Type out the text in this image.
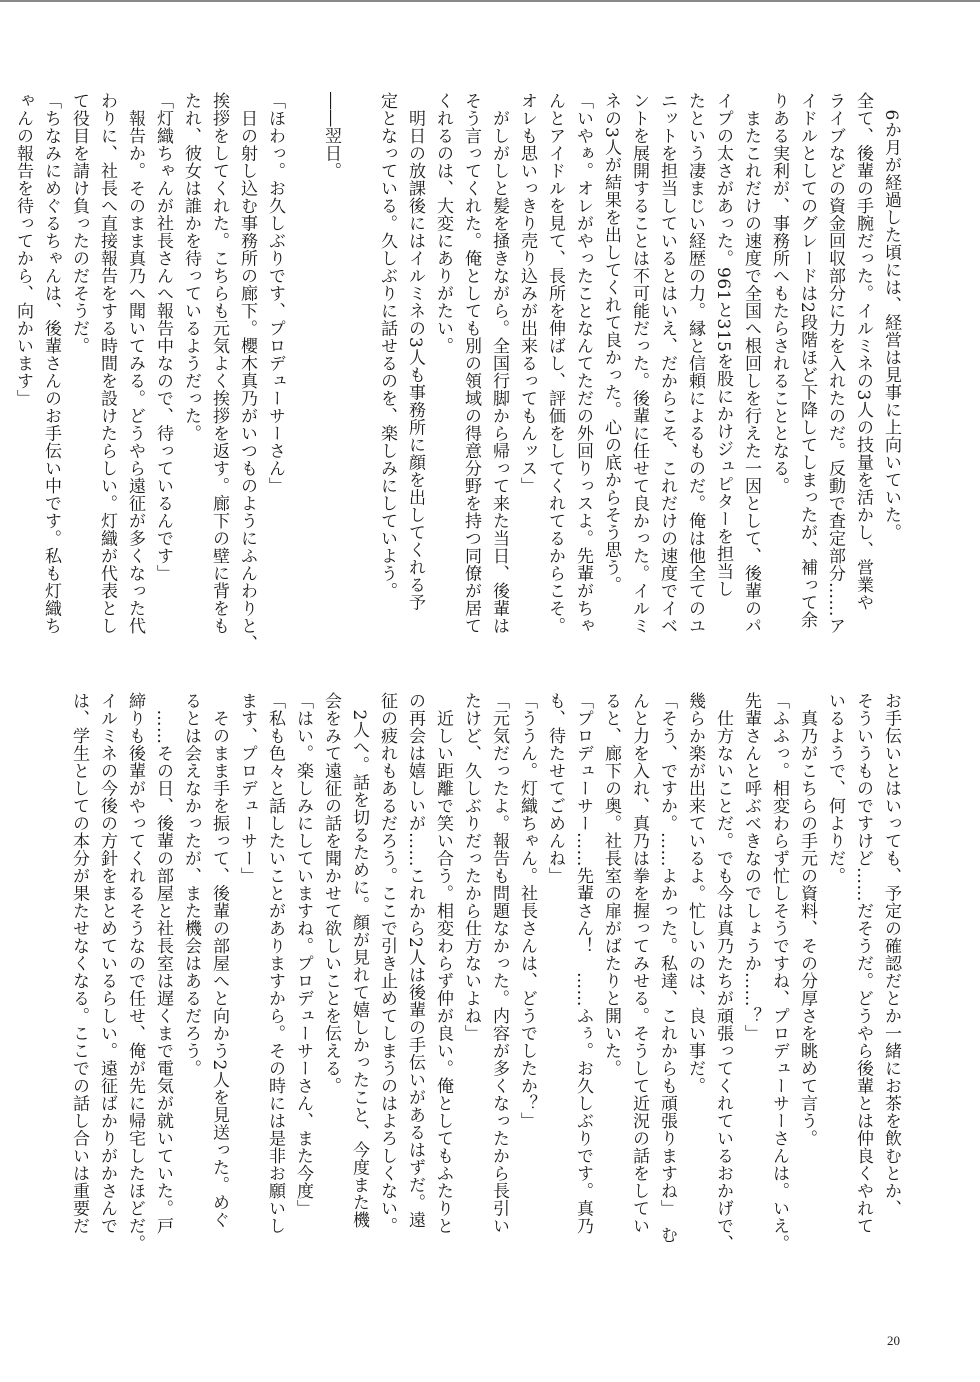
　6か月が経過した頃には、経営は見事に上向いていた。
全て、後輩の手腕だった。イルミネの3人の技量を活かし、営業や
ライブなどの資金回収部分に力を入れたのだ。反動で査定部分……ア
イドルとしてのグレードは2段階ほど下降してしまったが、補って余
りある実利が、事務所へもたらされることとなる。
　またこれだけの速度で全国へ根回しを行えた一因として、後輩のパ
イプの太さがあった。961と315を股にかけジュピターを担当し
たという凄まじい経歴の力。縁と信頼によるものだ。俺は他全てのユ
ニットを担当しているとはいえ、だからこそ、これだけの速度でイベ
ントを展開することは不可能だった。後輩に任せて良かった。イルミ
ネの3人が結果を出してくれて良かった。心の底からそう思う。
「いやぁ。オレがやったことなんてただの外回りっスよ。先輩がちゃ
んとアイドルを見て、長所を伸ばし、評価をしてくれてるからこそ。
オレも思いっきり売り込みが出来るってもんッス」
　がしがしと髪を掻きながら。全国行脚から帰って来た当日、後輩は
そう言ってくれた。俺としても別の領域の得意分野を持つ同僚が居て
くれるのは、大変にありがたい。
　明日の放課後にはイルミネの3人も事務所に顔を出してくれる予
定となっている。久しぶりに話せるのを、楽しみにしていよう。

――翌日。

「ほわっ。お久しぶりです、プロデューサーさん」
　日の射し込む事務所の廊下。櫻木真乃がいつものようにふんわりと、
挨拶をしてくれた。こちらも元気よく挨拶を返す。廊下の壁に背をも
たれ、彼女は誰かを待っているようだった。
「灯織ちゃんが社長さんへ報告中なので、待っているんです」
　報告か。そのまま真乃へ聞いてみる。どうやら遠征が多くなった代
わりに、社長へ直接報告をする時間を設けたらしい。灯織が代表とし
て役目を請け負ったのだそうだ。
「ちなみにめぐるちゃんは、後輩さんのお手伝い中です。私も灯織ち
ゃんの報告を待ってから、向かいます」
お手伝いとはいっても、予定の確認だとか一緒にお茶を飲むとか、
そういうものですけど……だそうだ。どうやら後輩とは仲良くやれて
いるようで、何よりだ。
　真乃がこちらの手元の資料、その分厚さを眺めて言う。
「ふふっ。相変わらず忙しそうですね、プロデューサーさんは。いえ。
先輩さんと呼ぶべきなのでしょうか……？」
　仕方ないことだ。でも今は真乃たちが頑張ってくれているおかげで、
幾らか楽が出来ているよ。忙しいのは、良い事だ。
「そう、ですか。……よかった。私達、これからも頑張りますね」　む
んと力を入れ、真乃は拳を握ってみせる。そうして近況の話をしてい
ると、廊下の奥。社長室の扉がばたりと開いた。
「プロデューサー……先輩さん！　……ふぅ。お久しぶりです。真乃
も、待たせてごめんね」
「ううん。灯織ちゃん。社長さんは、どうでしたか？」
「元気だったよ。報告も問題なかった。内容が多くなったから長引い
たけど、久しぶりだったから仕方ないよね」
　近しい距離で笑い合う。相変わらず仲が良い。俺としてもふたりと
の再会は嬉しいが……これから2人は後輩の手伝いがあるはずだ。遠
征の疲れもあるだろう。ここで引き止めてしまうのはよろしくない。
　2人へ。話を切るために。顔が見れて嬉しかったこと、今度また機
会をみて遠征の話を聞かせて欲しいことを伝える。
「はい。楽しみにしていますね。プロデューサーさん、また今度」
「私も色々と話したいことがありますから。その時には是非お願いし
ます、プロデューサー」
　そのまま手を振って、後輩の部屋へと向かう2人を見送った。めぐ
るとは会えなかったが、また機会はあるだろう。
　……その日、後輩の部屋と社長室は遅くまで電気が就いていた。戸
締りも後輩がやってくれるそうなので任せ、俺が先に帰宅したほどだ。
イルミネの今後の方針をまとめているらしい。遠征ばかりがかさんで
は、学生としての本分が果たせなくなる。ここでの話し合いは重要だ
20
